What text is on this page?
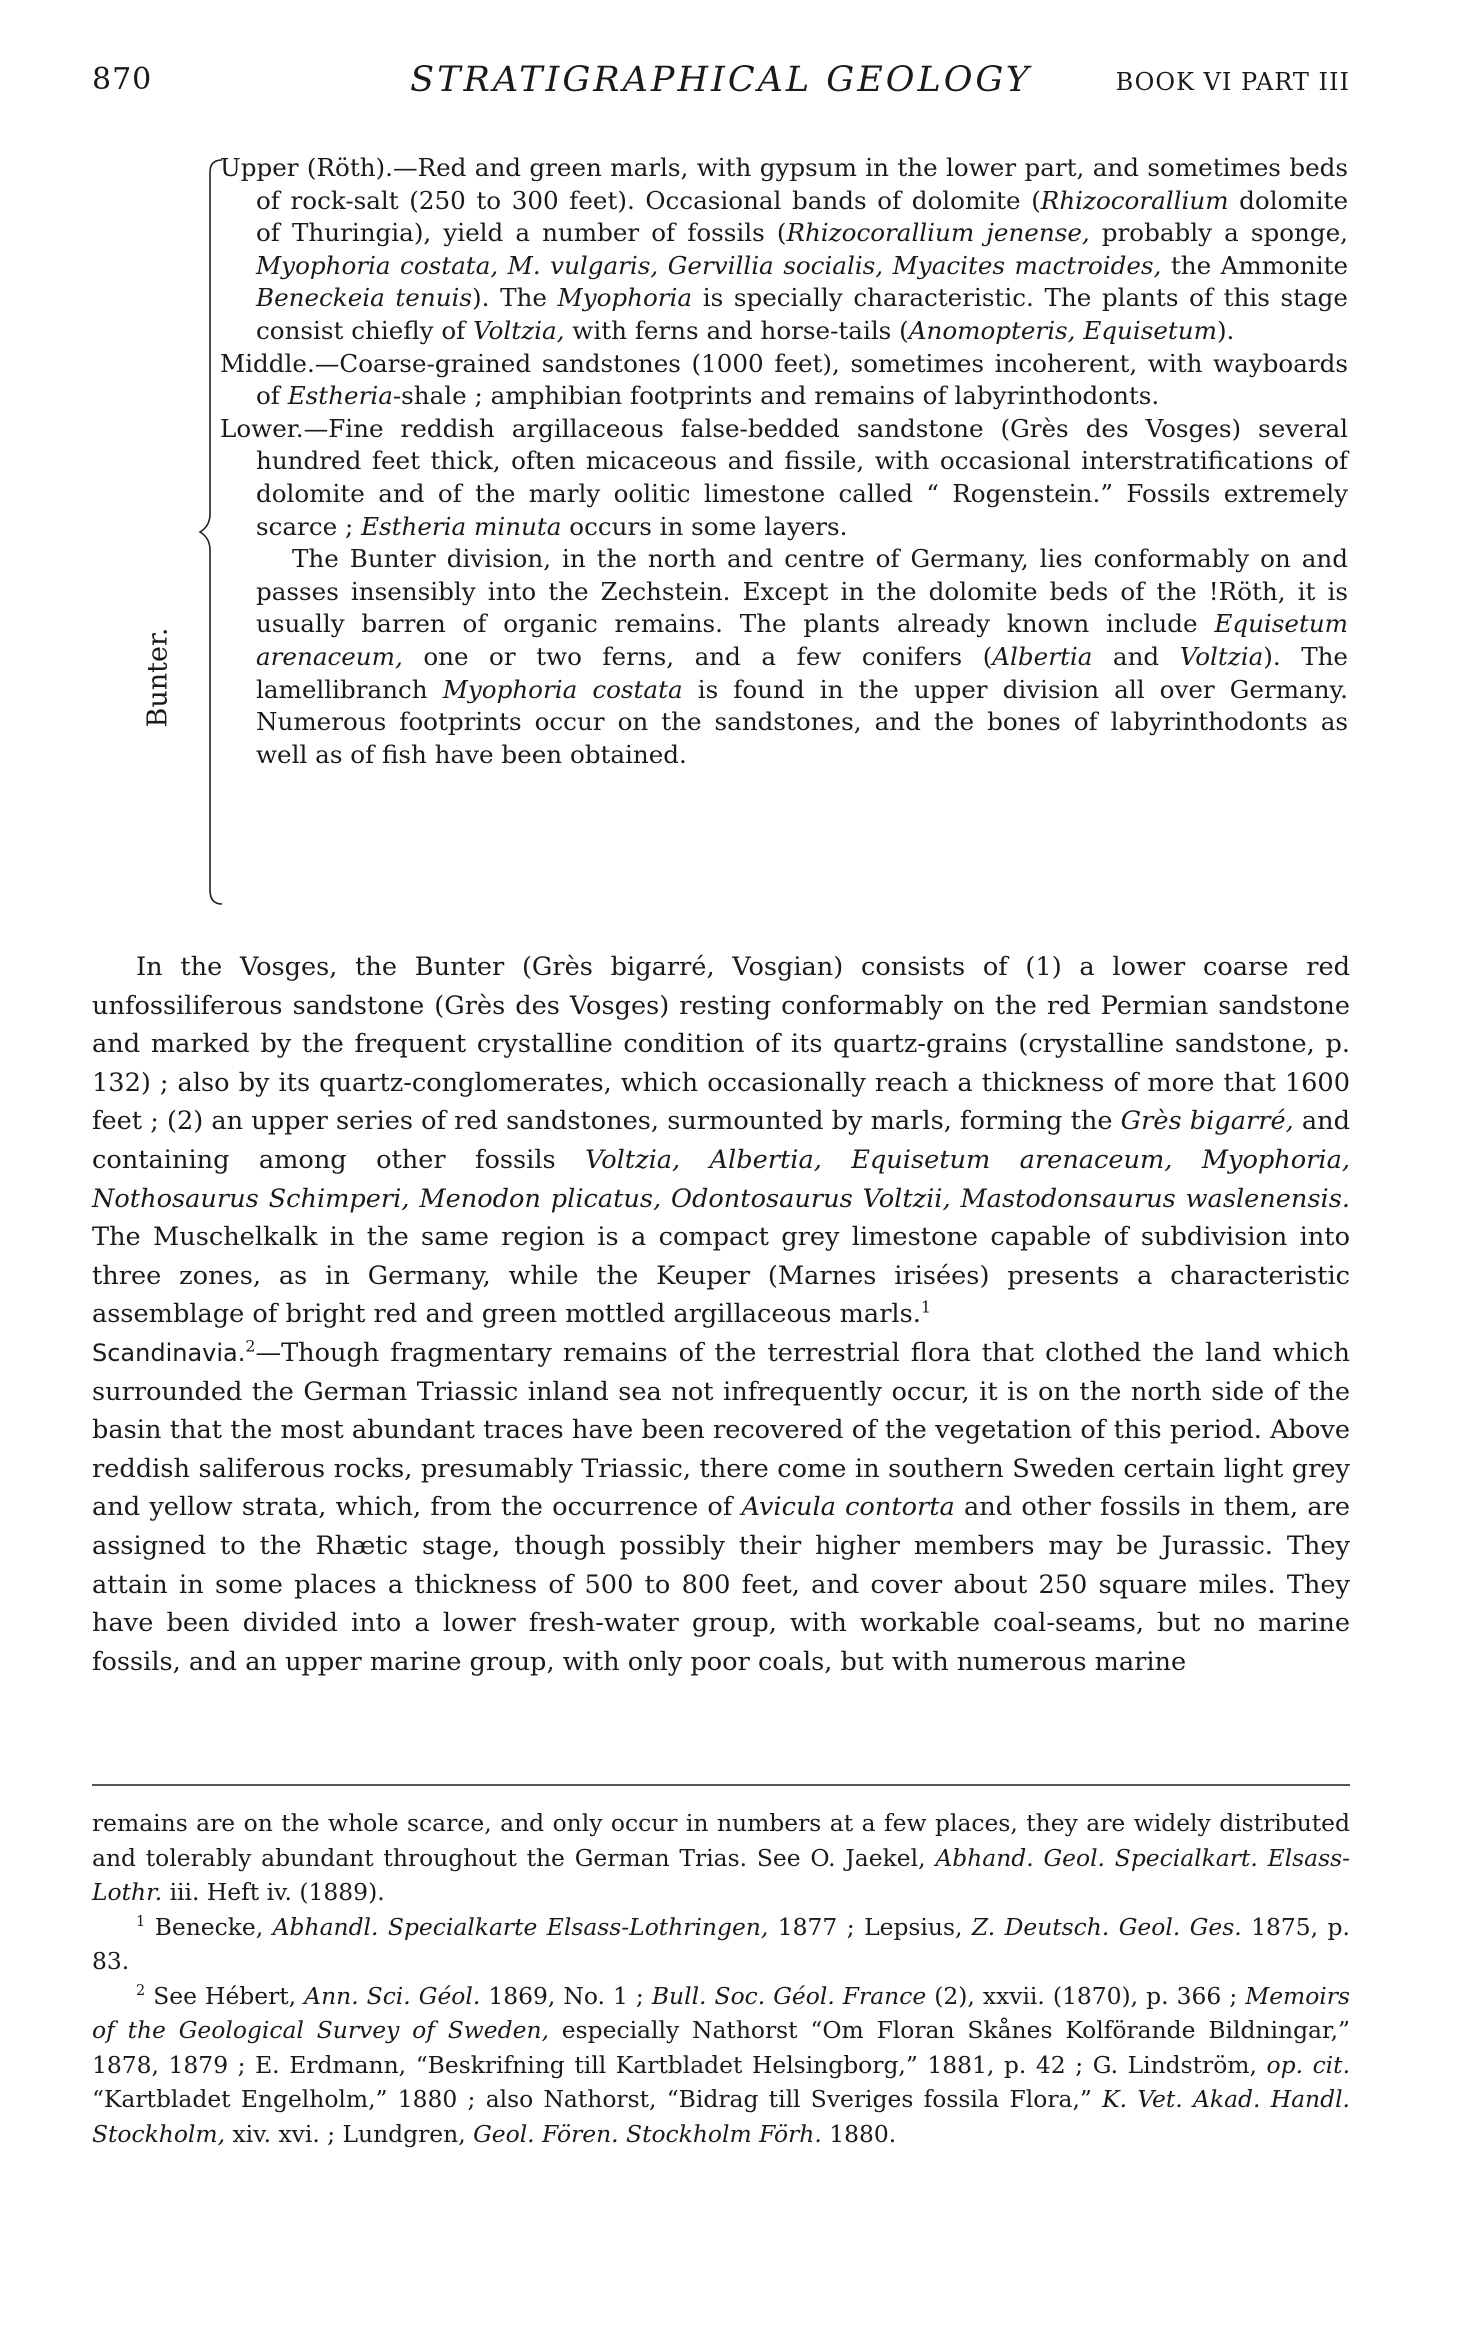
870	STRATIGRAPHICAL GEOLOGY	BOOK VI PART III
Bunter.

Upper (Röth).—Red and green marls, with gypsum in the lower part, and sometimes beds of rock-salt (250 to 300 feet). Occasional bands of dolomite (Rhizocorallium dolomite of Thuringia), yield a number of fossils (Rhizocorallium jenense, probably a sponge, Myophoria costata, M. vulgaris, Gervillia socialis, Myacites mactroides, the Ammonite Beneckeia tenuis). The Myophoria is specially characteristic. The plants of this stage consist chiefly of Voltzia, with ferns and horse-tails (Anomopteris, Equisetum).

Middle.—Coarse-grained sandstones (1000 feet), sometimes incoherent, with wayboards of Estheria-shale ; amphibian footprints and remains of labyrinthodonts.

Lower.—Fine reddish argillaceous false-bedded sandstone (Grès des Vosges) several hundred feet thick, often micaceous and fissile, with occasional interstratifications of dolomite and of the marly oolitic limestone called “ Rogenstein.” Fossils extremely scarce ; Estheria minuta occurs in some layers.

The Bunter division, in the north and centre of Germany, lies conformably on and passes insensibly into the Zechstein. Except in the dolomite beds of the !Röth, it is usually barren of organic remains. The plants already known include Equisetum arenaceum, one or two ferns, and a few conifers (Albertia and Voltzia). The lamellibranch Myophoria costata is found in the upper division all over Germany. Numerous footprints occur on the sandstones, and the bones of labyrinthodonts as well as of fish have been obtained.

In the Vosges, the Bunter (Grès bigarré, Vosgian) consists of (1) a lower coarse red unfossiliferous sandstone (Grès des Vosges) resting conformably on the red Permian sandstone and marked by the frequent crystalline condition of its quartz-grains (crystalline sandstone, p. 132) ; also by its quartz-conglomerates, which occasionally reach a thickness of more that 1600 feet ; (2) an upper series of red sandstones, surmounted by marls, forming the Grès bigarré, and containing among other fossils Voltzia, Albertia, Equisetum arenaceum, Myophoria, Nothosaurus Schimperi, Menodon plicatus, Odontosaurus Voltzii, Mastodonsaurus waslenensis. The Muschelkalk in the same region is a compact grey limestone capable of subdivision into three zones, as in Germany, while the Keuper (Marnes irisées) presents a characteristic assemblage of bright red and green mottled argillaceous marls.$^1$

Scandinavia.$^2$—Though fragmentary remains of the terrestrial flora that clothed the land which surrounded the German Triassic inland sea not infrequently occur, it is on the north side of the basin that the most abundant traces have been recovered of the vegetation of this period. Above reddish saliferous rocks, presumably Triassic, there come in southern Sweden certain light grey and yellow strata, which, from the occurrence of Avicula contorta and other fossils in them, are assigned to the Rhætic stage, though possibly their higher members may be Jurassic. They attain in some places a thickness of 500 to 800 feet, and cover about 250 square miles. They have been divided into a lower fresh-water group, with workable coal-seams, but no marine fossils, and an upper marine group, with only poor coals, but with numerous marine

remains are on the whole scarce, and only occur in numbers at a few places, they are widely distributed and tolerably abundant throughout the German Trias. See O. Jaekel, Abhand. Geol. Specialkart. Elsass-Lothr. iii. Heft iv. (1889).

$^1$ Benecke, Abhandl. Specialkarte Elsass-Lothringen, 1877 ; Lepsius, Z. Deutsch. Geol. Ges. 1875, p. 83.

$^2$ See Hébert, Ann. Sci. Géol. 1869, No. 1 ; Bull. Soc. Géol. France (2), xxvii. (1870), p. 366 ; Memoirs of the Geological Survey of Sweden, especially Nathorst “Om Floran Skånes Kolförande Bildningar,” 1878, 1879 ; E. Erdmann, “Beskrifning till Kartbladet Helsingborg,” 1881, p. 42 ; G. Lindström, op. cit. “Kartbladet Engelholm,” 1880 ; also Nathorst, “Bidrag till Sveriges fossila Flora,” K. Vet. Akad. Handl. Stockholm, xiv. xvi. ; Lundgren, Geol. Fören. Stockholm Förh. 1880.
